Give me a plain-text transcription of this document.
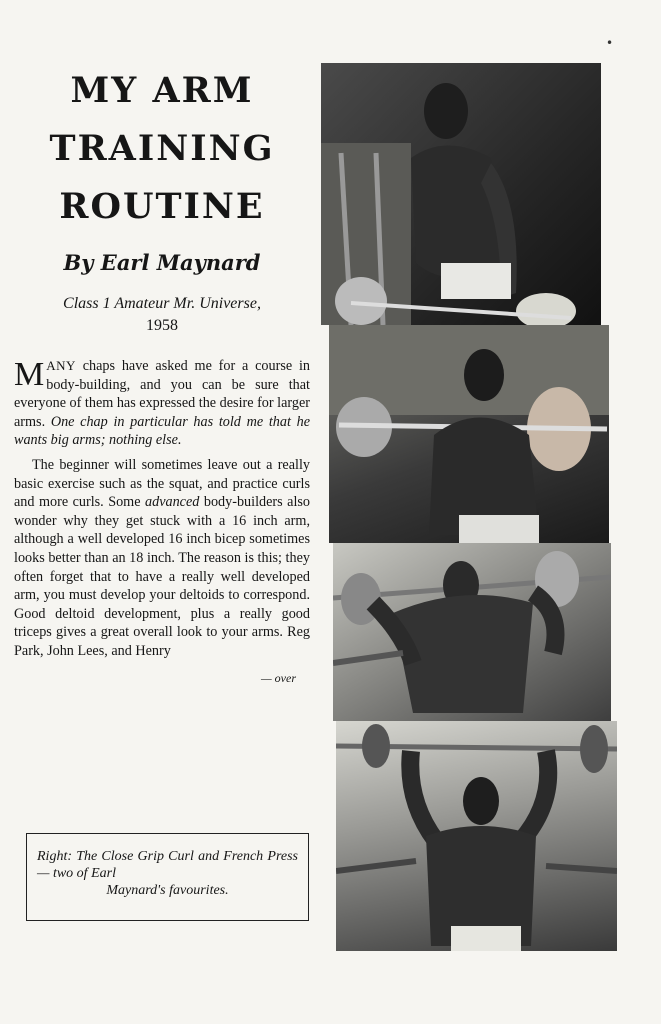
•
MY ARM
TRAINING
ROUTINE

By Earl Maynard

Class 1 Amateur Mr. Universe,
1958

MANY chaps have asked me for a course in body-building, and you can be sure that everyone of them has expressed the desire for larger arms. One chap in particular has told me that he wants big arms; nothing else.

The beginner will sometimes leave out a really basic exercise such as the squat, and practice curls and more curls. Some advanced body-builders also wonder why they get stuck with a 16 inch arm, although a well developed 16 inch bicep sometimes looks better than an 18 inch. The reason is this; they often forget that to have a really well developed arm, you must develop your deltoids to correspond. Good deltoid development, plus a really good triceps gives a great overall look to your arms. Reg Park, John Lees, and Henry

— over
Right: The Close Grip Curl and French Press — two of Earl
Maynard's favourites.
